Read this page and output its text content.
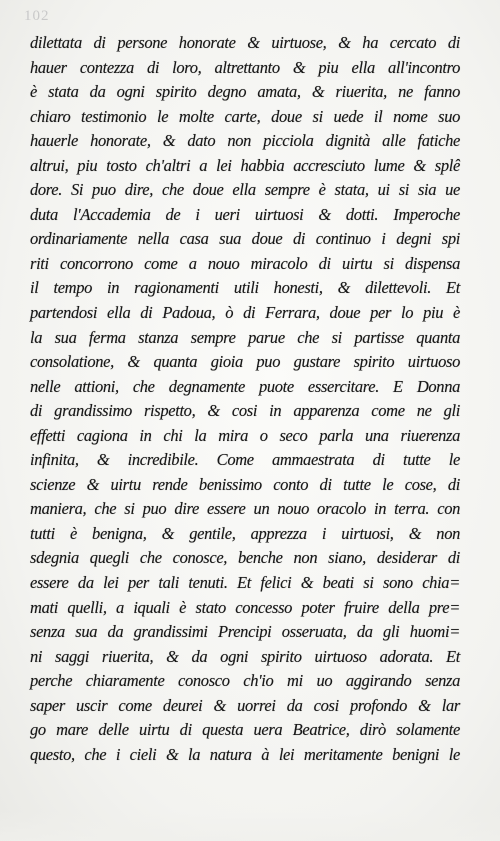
102
dilettata di persone honorate & uirtuose, & ha cercato di
hauer contezza di loro, altrettanto & piu ella all'incontro
è stata da ogni spirito degno amata, & riuerita, ne fanno
chiaro testimonio le molte carte, doue si uede il nome suo
hauerle honorate, & dato non picciola dignità alle fatiche
altrui, piu tosto ch'altri a lei habbia accresciuto lume & splê
dore. Si puo dire, che doue ella sempre è stata, ui si sia ue
duta l'Accademia de i ueri uirtuosi & dotti. Imperoche
ordinariamente nella casa sua doue di continuo i degni spi
riti concorrono come a nouo miracolo di uirtu si dispensa
il tempo in ragionamenti utili honesti, & dilettevoli. Et
partendosi ella di Padoua, ò di Ferrara, doue per lo piu è
la sua ferma stanza sempre parue che si partisse quanta
consolatione, & quanta gioia puo gustare spirito uirtuoso
nelle attioni, che degnamente puote essercitare. E Donna
di grandissimo rispetto, & cosi in apparenza come ne gli
effetti cagiona in chi la mira o seco parla una riuerenza
infinita, & incredibile. Come ammaestrata di tutte le
scienze & uirtu rende benissimo conto di tutte le cose, di
maniera, che si puo dire essere un nouo oracolo in terra. con
tutti è benigna, & gentile, apprezza i uirtuosi, & non
sdegnia quegli che conosce, benche non siano, desiderar di
essere da lei per tali tenuti. Et felici & beati si sono chia=
mati quelli, a iquali è stato concesso poter fruire della pre=
senza sua da grandissimi Prencipi osseruata, da gli huomi=
ni saggi riuerita, & da ogni spirito uirtuoso adorata. Et
perche chiaramente conosco ch'io mi uo aggirando senza
saper uscir come deurei & uorrei da cosi profondo & lar
go mare delle uirtu di questa uera Beatrice, dirò solamente
questo, che i cieli & la natura à lei meritamente benigni le
